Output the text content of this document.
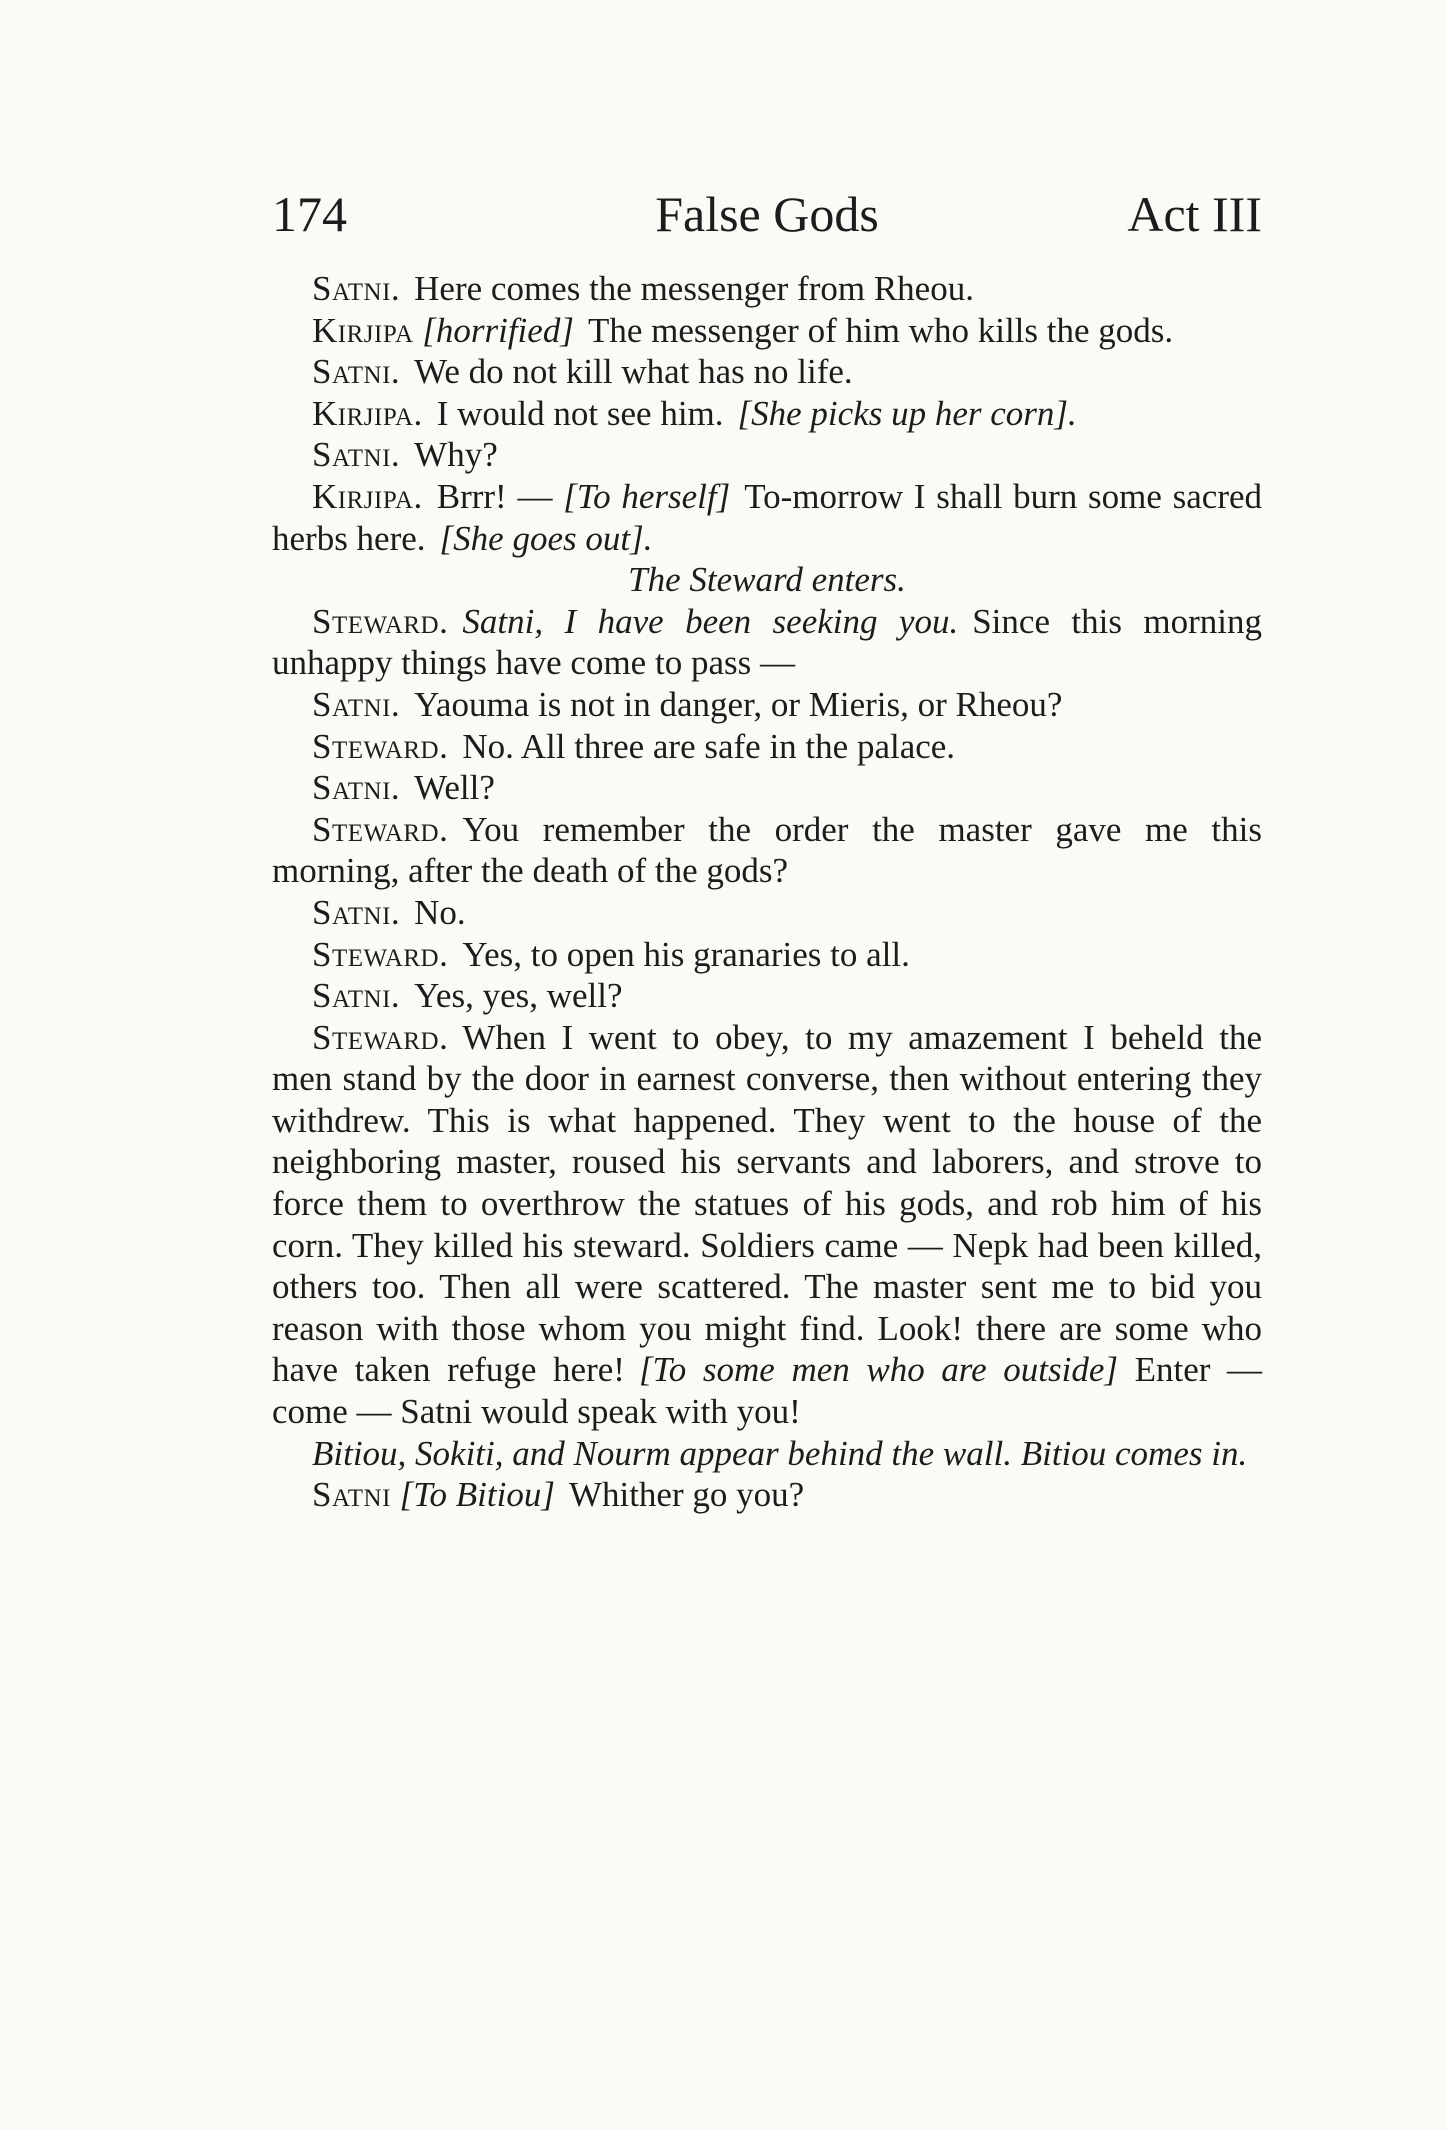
174	False Gods	Act III

Satni. Here comes the messenger from Rheou.

Kirjipa [horrified] The messenger of him who kills the gods.

Satni. We do not kill what has no life.

Kirjipa. I would not see him. [She picks up her corn].

Satni. Why?

Kirjipa. Brrr! — [To herself] To-morrow I shall burn some sacred herbs here. [She goes out].

The Steward enters.

Steward. Satni, I have been seeking you. Since this morning unhappy things have come to pass —

Satni. Yaouma is not in danger, or Mieris, or Rheou?

Steward. No. All three are safe in the palace.

Satni. Well?

Steward. You remember the order the master gave me this morning, after the death of the gods?

Satni. No.

Steward. Yes, to open his granaries to all.

Satni. Yes, yes, well?

Steward. When I went to obey, to my amazement I beheld the men stand by the door in earnest converse, then without entering they withdrew. This is what happened. They went to the house of the neighboring master, roused his servants and laborers, and strove to force them to overthrow the statues of his gods, and rob him of his corn. They killed his steward. Soldiers came — Nepk had been killed, others too. Then all were scattered. The master sent me to bid you reason with those whom you might find. Look! there are some who have taken refuge here! [To some men who are outside] Enter — come — Satni would speak with you!

Bitiou, Sokiti, and Nourm appear behind the wall. Bitiou comes in.

Satni [To Bitiou] Whither go you?
